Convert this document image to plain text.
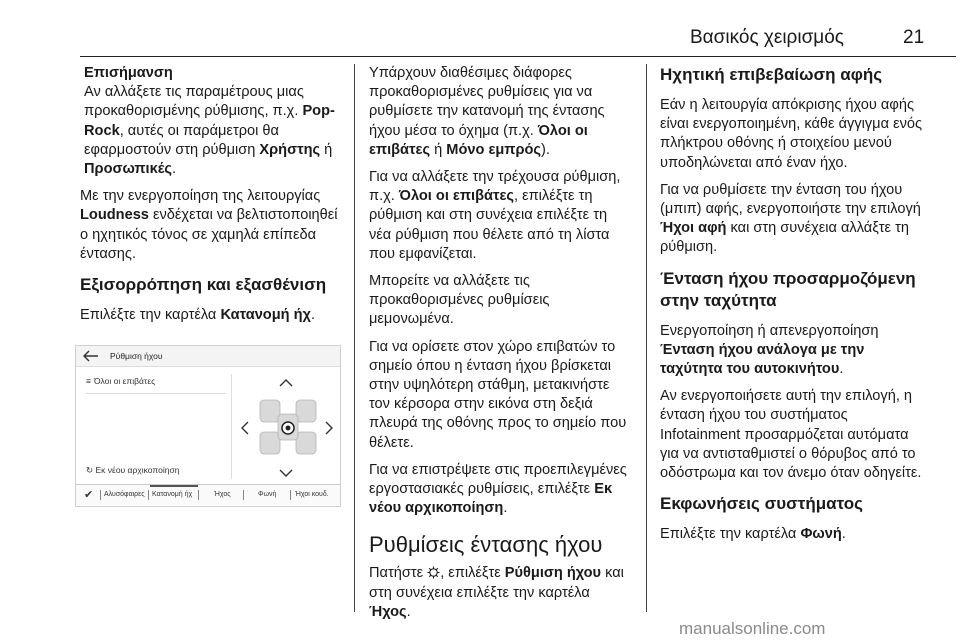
Βασικός χειρισμός	21

Επισήμανση
Αν αλλάξετε τις παραμέτρους μιας προκαθορισμένης ρύθμισης, π.χ. Pop-Rock, αυτές οι παράμετροι θα εφαρμοστούν στη ρύθμιση Χρήστης ή Προσωπικές.

Με την ενεργοποίηση της λειτουργίας Loudness ενδέχεται να βελτιστοποιηθεί ο ηχητικός τόνος σε χαμηλά επίπεδα έντασης.

Εξισορρόπηση και εξασθένιση

Επιλέξτε την καρτέλα Κατανομή ήχ.

Ρύθμιση ήχου
≡ Όλοι οι επιβάτες
↻ Εκ νέου αρχικοποίηση
✔ Αλυσόφαιρες Κατανομή ήχ	Ήχος	Φωνή	Ήχοι κουδ.

Υπάρχουν διαθέσιμες διάφορες προκαθορισμένες ρυθμίσεις για να ρυθμίσετε την κατανομή της έντασης ήχου μέσα το όχημα (π.χ. Όλοι οι επιβάτες ή Μόνο εμπρός).

Για να αλλάξετε την τρέχουσα ρύθμιση, π.χ. Όλοι οι επιβάτες, επιλέξτε τη ρύθμιση και στη συνέχεια επιλέξτε τη νέα ρύθμιση που θέλετε από τη λίστα που εμφανίζεται.

Μπορείτε να αλλάξετε τις προκαθορισμένες ρυθμίσεις μεμονωμένα.

Για να ορίσετε στον χώρο επιβατών το σημείο όπου η ένταση ήχου βρίσκεται στην υψηλότερη στάθμη, μετακινήστε τον κέρσορα στην εικόνα στη δεξιά πλευρά της οθόνης προς το σημείο που θέλετε.

Για να επιστρέψετε στις προεπιλεγμένες εργοστασιακές ρυθμίσεις, επιλέξτε Εκ νέου αρχικοποίηση.

Ρυθμίσεις έντασης ήχου

Πατήστε , επιλέξτε Ρύθμιση ήχου και στη συνέχεια επιλέξτε την καρτέλα Ήχος.

Ηχητική επιβεβαίωση αφής

Εάν η λειτουργία απόκρισης ήχου αφής είναι ενεργοποιημένη, κάθε άγγιγμα ενός πλήκτρου οθόνης ή στοιχείου μενού υποδηλώνεται από έναν ήχο.

Για να ρυθμίσετε την ένταση του ήχου (μπιπ) αφής, ενεργοποιήστε την επιλογή Ήχοι αφή και στη συνέχεια αλλάξτε τη ρύθμιση.

Ένταση ήχου προσαρμοζόμενη στην ταχύτητα

Ενεργοποίηση ή απενεργοποίηση Ένταση ήχου ανάλογα με την ταχύτητα του αυτοκινήτου.

Αν ενεργοποιήσετε αυτή την επιλογή, η ένταση ήχου του συστήματος Infotainment προσαρμόζεται αυτόματα για να αντισταθμιστεί ο θόρυβος από το οδόστρωμα και τον άνεμο όταν οδηγείτε.

Εκφωνήσεις συστήματος

Επιλέξτε την καρτέλα Φωνή.

manualsonline.com
